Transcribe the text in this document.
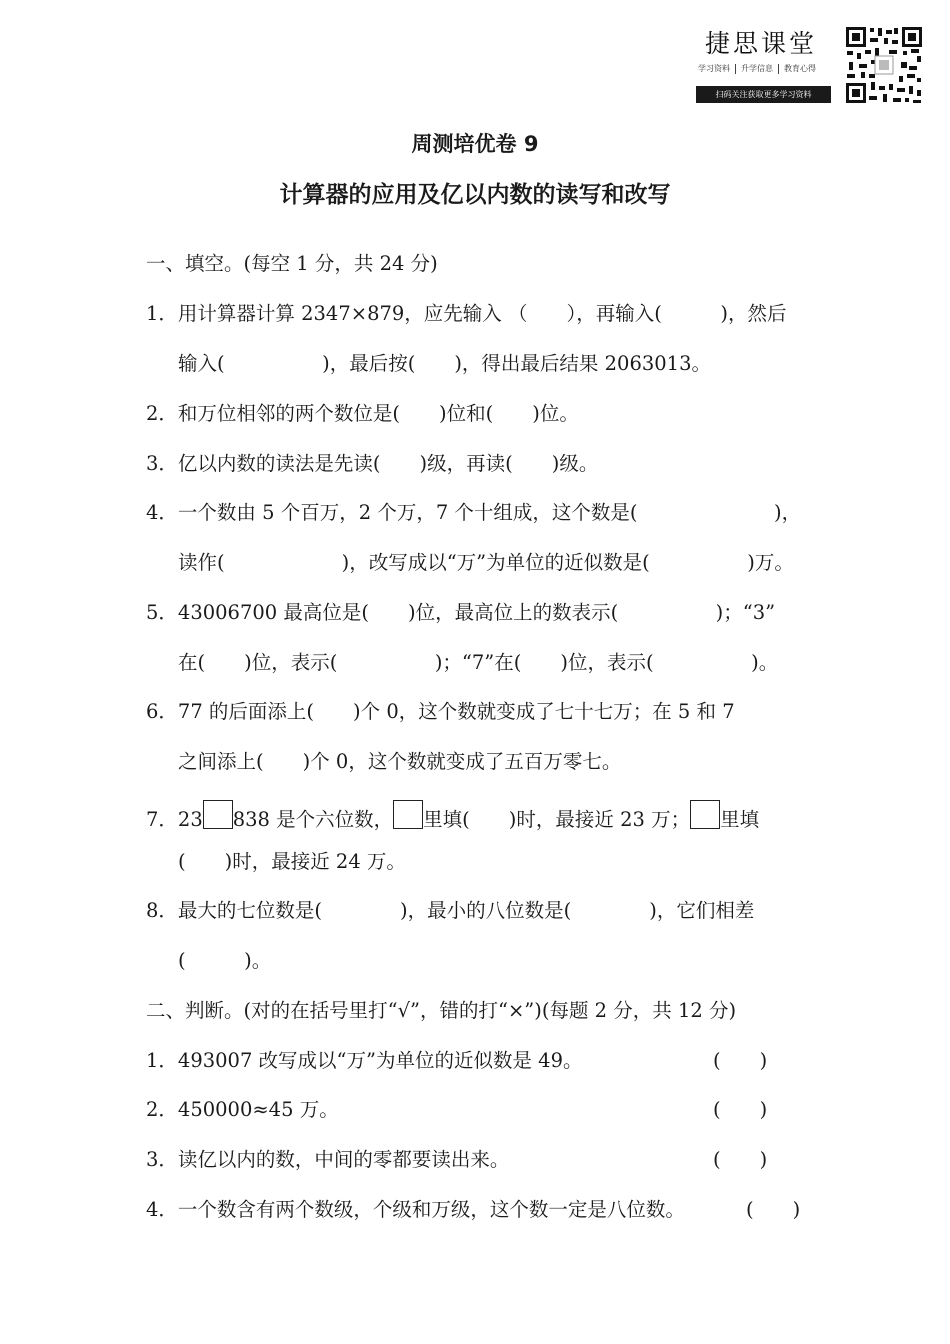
捷思课堂
学习资料	升学信息	教育心得
扫码关注获取更多学习资料
周测培优卷 9
计算器的应用及亿以内数的读写和改写
一、填空。(每空 1 分，共 24 分)
1．用计算器计算 2347×879，应先输入 （　　），再输入(　　　)，然后
输入(　　　　　)，最后按(　　)，得出最后结果 2063013。
2．和万位相邻的两个数位是(　　)位和(　　)位。
3．亿以内数的读法是先读(　　)级，再读(　　)级。
4．一个数由 5 个百万，2 个万，7 个十组成，这个数是(　　　　　　　)，
读作(　　　　　　)，改写成以“万”为单位的近似数是(　　　　　)万。
5．43006700 最高位是(　　)位，最高位上的数表示(　　　　　)；“3”
在(　　)位，表示(　　　　　)；“7”在(　　)位，表示(　　　　　)。
6．77 的后面添上(　　)个 0，这个数就变成了七十七万；在 5 和 7
之间添上(　　)个 0，这个数就变成了五百万零七。
7．23 838 是个六位数， 里填(　　)时，最接近 23 万； 里填
(　　)时，最接近 24 万。
8．最大的七位数是(　　　　)，最小的八位数是(　　　　)，它们相差
(　　　)。
二、判断。(对的在括号里打“√”，错的打“×”)(每题 2 分，共 12 分)
1．493007 改写成以“万”为单位的近似数是 49。	(　　)
2．450000≈45 万。	(　　)
3．读亿以内的数，中间的零都要读出来。	(　　)
4．一个数含有两个数级，个级和万级，这个数一定是八位数。	(　　)
